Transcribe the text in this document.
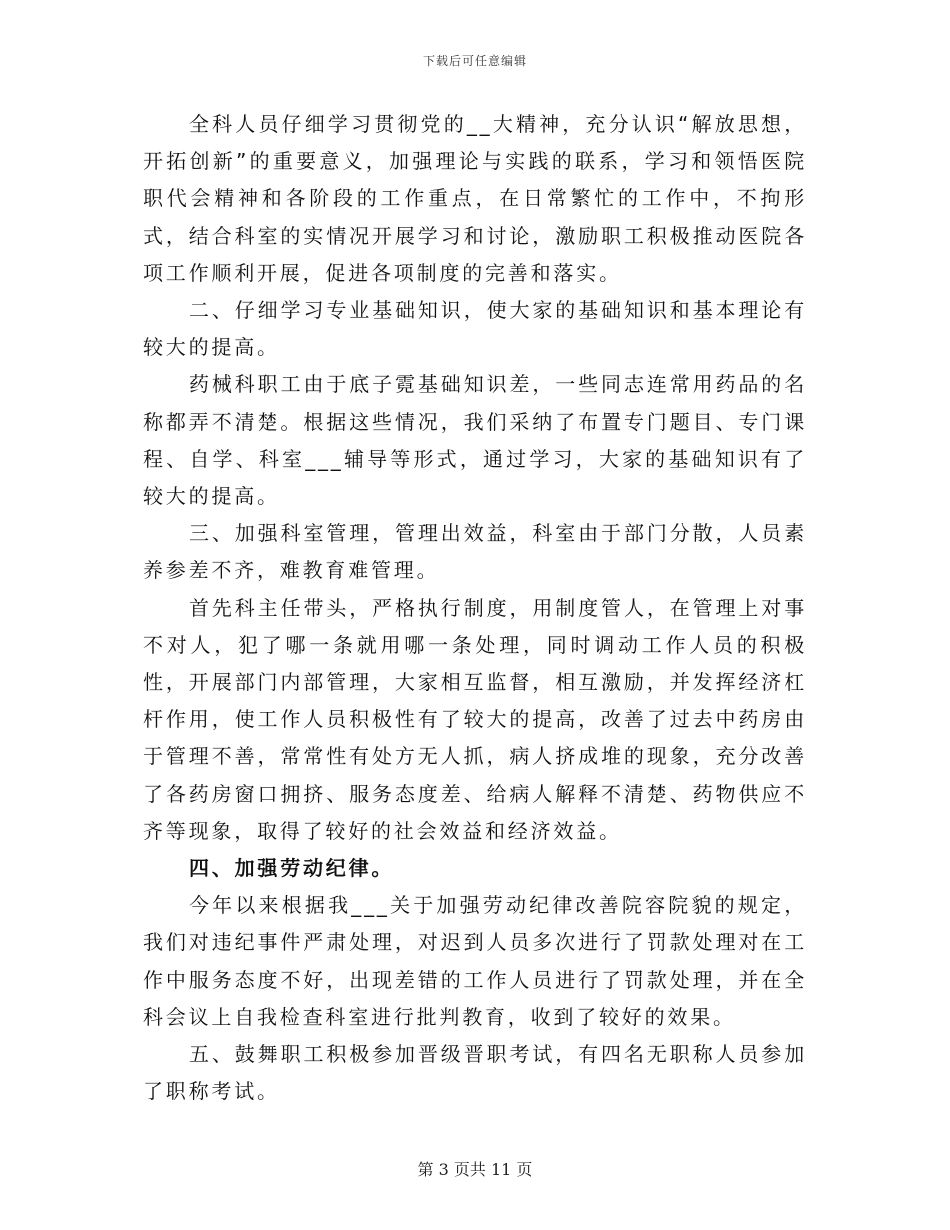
下载后可任意编辑

全科人员仔细学习贯彻党的__大精神，充分认识“解放思想，开拓创新”的重要意义，加强理论与实践的联系，学习和领悟医院职代会精神和各阶段的工作重点，在日常繁忙的工作中，不拘形式，结合科室的实情况开展学习和讨论，激励职工积极推动医院各项工作顺利开展，促进各项制度的完善和落实。

二、仔细学习专业基础知识，使大家的基础知识和基本理论有较大的提高。

药械科职工由于底子霓基础知识差，一些同志连常用药品的名称都弄不清楚。根据这些情况，我们采纳了布置专门题目、专门课程、自学、科室___辅导等形式，通过学习，大家的基础知识有了较大的提高。

三、加强科室管理，管理出效益，科室由于部门分散，人员素养参差不齐，难教育难管理。

首先科主任带头，严格执行制度，用制度管人，在管理上对事不对人，犯了哪一条就用哪一条处理，同时调动工作人员的积极性，开展部门内部管理，大家相互监督，相互激励，并发挥经济杠杆作用，使工作人员积极性有了较大的提高，改善了过去中药房由于管理不善，常常性有处方无人抓，病人挤成堆的现象，充分改善了各药房窗口拥挤、服务态度差、给病人解释不清楚、药物供应不齐等现象，取得了较好的社会效益和经济效益。

四、加强劳动纪律。

今年以来根据我___关于加强劳动纪律改善院容院貌的规定，我们对违纪事件严肃处理，对迟到人员多次进行了罚款处理对在工作中服务态度不好，出现差错的工作人员进行了罚款处理，并在全科会议上自我检查科室进行批判教育，收到了较好的效果。

五、鼓舞职工积极参加晋级晋职考试，有四名无职称人员参加了职称考试。

第 3 页共 11 页
